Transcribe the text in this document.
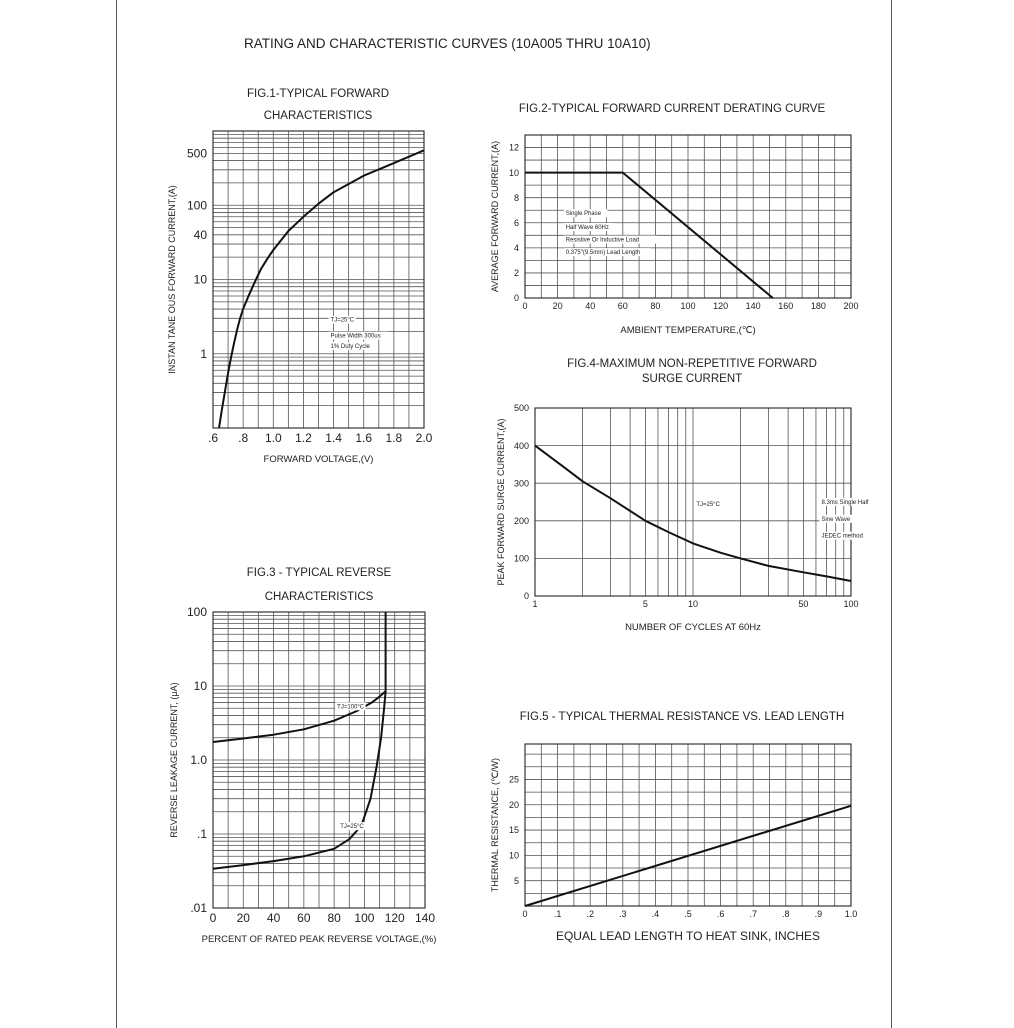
RATING AND CHARACTERISTIC CURVES (10A005 THRU 10A10)
FIG.1-TYPICAL FORWARD
CHARACTERISTICS
FORWARD VOLTAGE,(V)
INSTAN TANE OUS FORWARD CURRENT,(A)
.6 .8 1.0 1.2 1.4 1.6 1.8 2.0
500
100
40
10
1
TJ=25°C
Pulse Width 300us
1% Duty Cycle
FIG.2-TYPICAL FORWARD CURRENT DERATING CURVE
AMBIENT TEMPERATURE,(℃)
AVERAGE FORWARD CURRENT,(A)
0	20	40	60	80 100 120 140 160 180 200
0
2
4
6
8
10
12
Single Phase
Half Wave 60Hz
Resistive Or Inductive Load
0.375"(9.5mm) Lead Length
FIG.3 - TYPICAL REVERSE
CHARACTERISTICS
PERCENT OF RATED PEAK REVERSE VOLTAGE,(%)
REVERSE LEAKAGE CURRENT, (μA)
0 20 40 60 80 100 120 140
100
10
1.0
.1
.01
TJ=100°C
TJ=25°C
FIG.4-MAXIMUM NON-REPETITIVE FORWARD
SURGE CURRENT
NUMBER OF CYCLES AT 60Hz
PEAK FORWARD SURGE CURRENT,(A)
1	5	10	50	100
0
100
200
300
400
500
TJ=25°C	8.3ms Single Half
Sine Wave
JEDEC method
FIG.5 - TYPICAL THERMAL RESISTANCE VS. LEAD LENGTH
EQUAL LEAD LENGTH TO HEAT SINK, INCHES
THERMAL RESISTANCE, (℃/W)
0	.1	.2	.3	.4	.5	.6	.7	.8	.9	1.0
5
10
15
20
25
